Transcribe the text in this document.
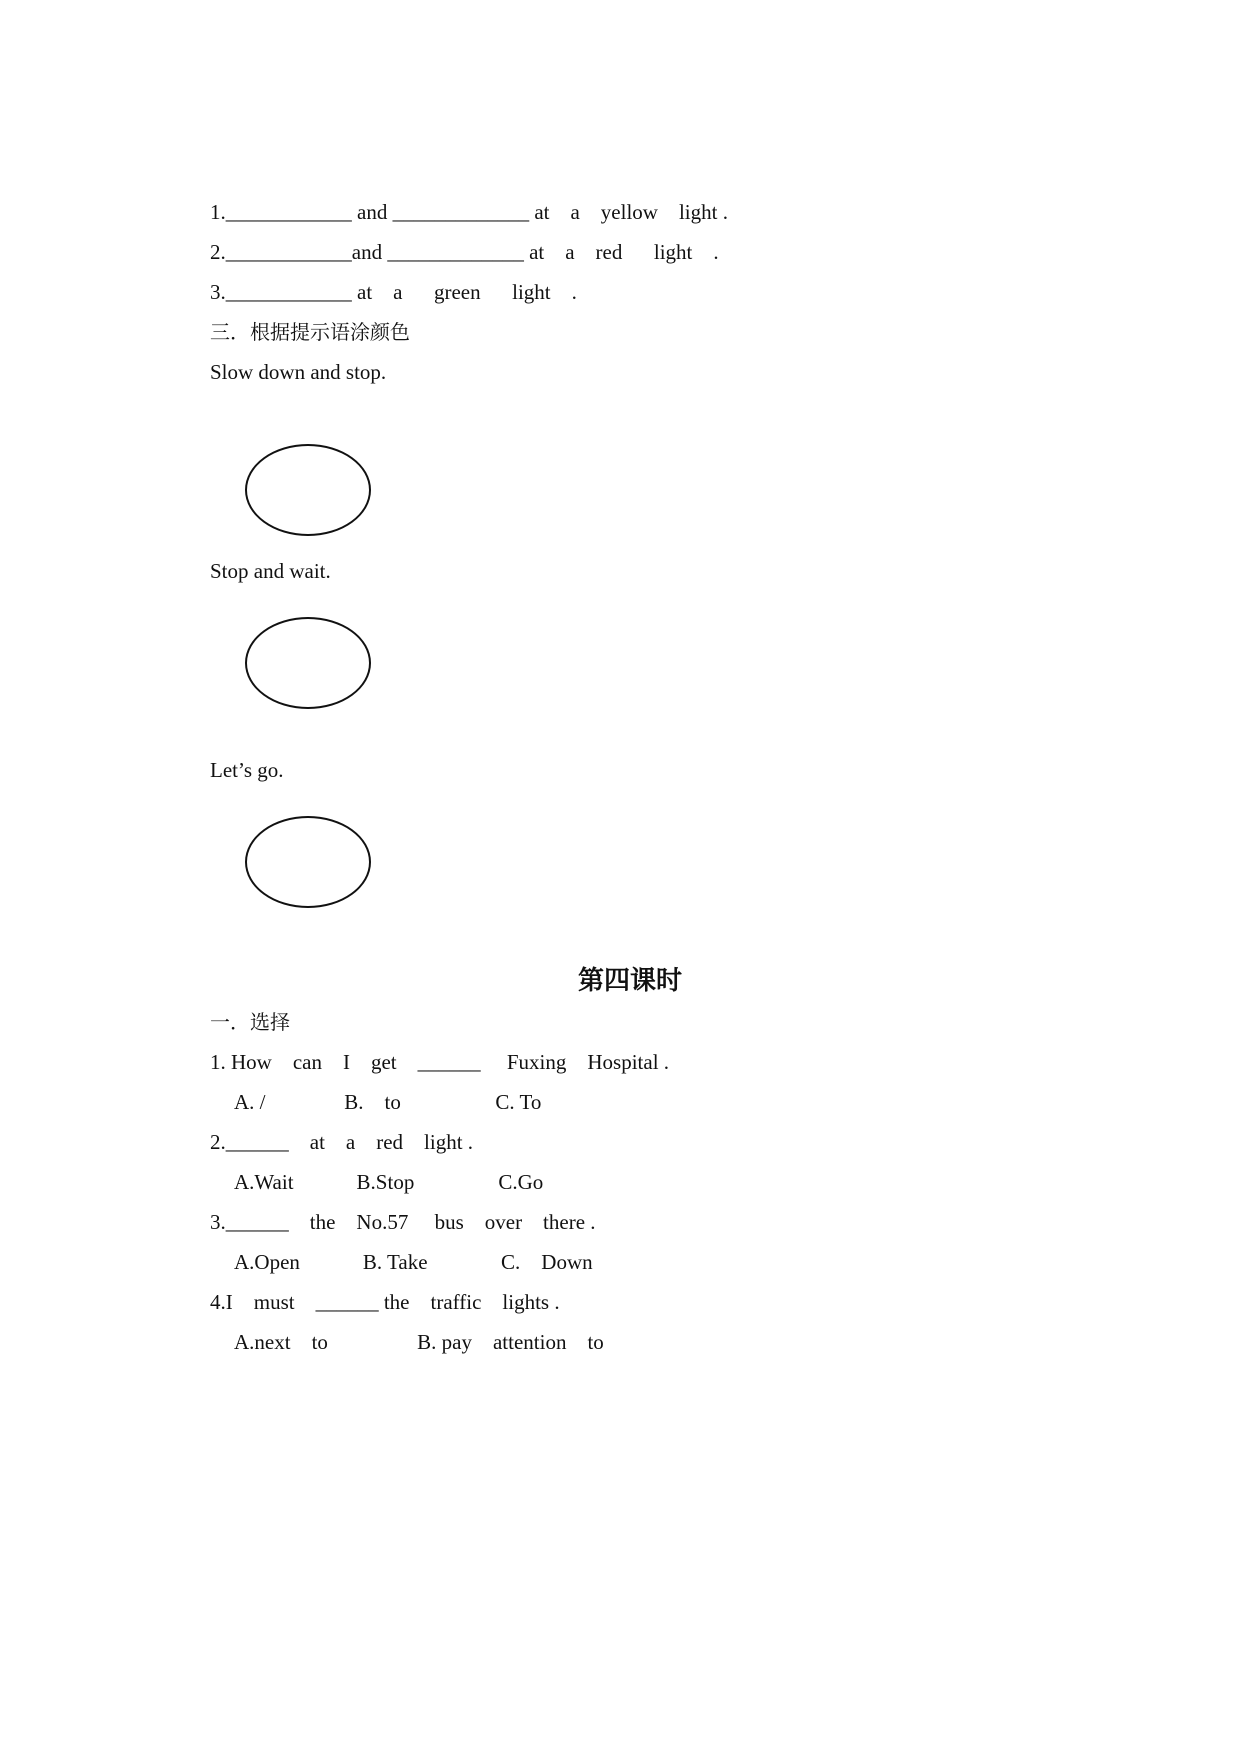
1.____________ and _____________ at    a    yellow    light .
2.____________and _____________ at    a    red      light    .
3.____________ at    a      green      light    .
三．根据提示语涂颜色
Slow down and stop.
Stop and wait.
Let’s go.
第四课时
一．选择
1. How    can    I    get    ______     Fuxing    Hospital .
A. /               B.    to                  C. To
2.______    at    a    red    light .
A.Wait            B.Stop                C.Go
3.______    the    No.57     bus    over    there .
A.Open            B. Take              C.    Down
4.I    must    ______ the    traffic    lights .
A.next    to                 B. pay    attention    to
